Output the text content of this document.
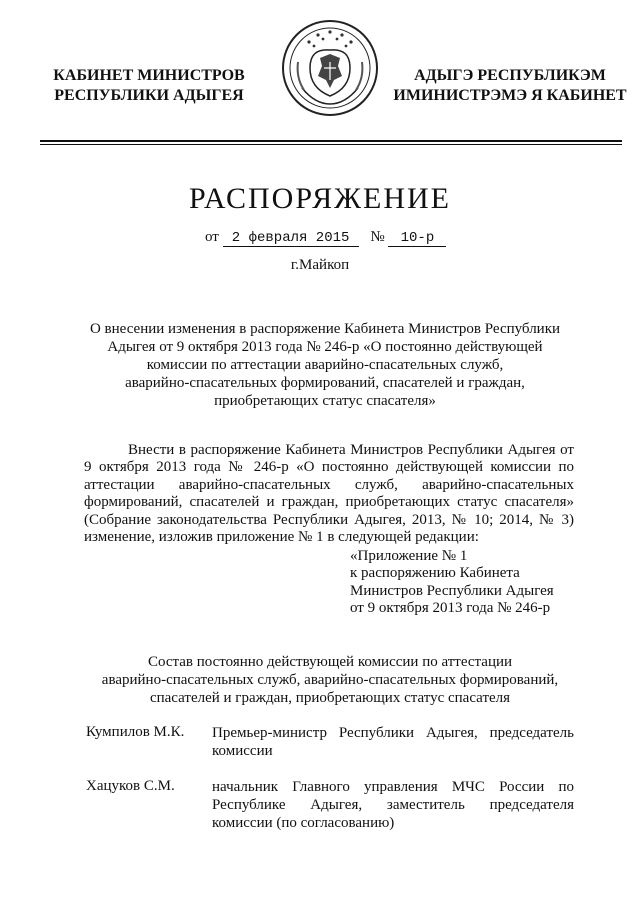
КАБИНЕТ МИНИСТРОВ
РЕСПУБЛИКИ АДЫГЕЯ
АДЫГЭ РЕСПУБЛИКЭМ
ИМИНИСТРЭМЭ Я КАБИНЕТ
РАСПОРЯЖЕНИЕ
от 2 февраля 2015 № 10-р
г.Майкоп
О внесении изменения в распоряжение Кабинета Министров Республики
Адыгея от 9 октября 2013 года № 246-р «О постоянно действующей
комиссии по аттестации аварийно-спасательных служб,
аварийно-спасательных формирований, спасателей и граждан,
приобретающих статус спасателя»
Внести в распоряжение Кабинета Министров Республики Адыгея от 9 октября 2013 года № 246-р «О постоянно действующей комиссии по аттестации аварийно-спасательных служб, аварийно-спасательных формирований, спасателей и граждан, приобретающих статус спасателя» (Собрание законодательства Республики Адыгея, 2013, № 10; 2014, № 3) изменение, изложив приложение № 1 в следующей редакции:
«Приложение № 1
к распоряжению Кабинета
Министров Республики Адыгея
от 9 октября 2013 года № 246-р
Состав постоянно действующей комиссии по аттестации
аварийно-спасательных служб, аварийно-спасательных формирований,
спасателей и граждан, приобретающих статус спасателя
Кумпилов М.К. Премьер-министр Республики Адыгея, председатель комиссии
Хацуков С.М. начальник Главного управления МЧС России по Республике Адыгея, заместитель председателя комиссии (по согласованию)
